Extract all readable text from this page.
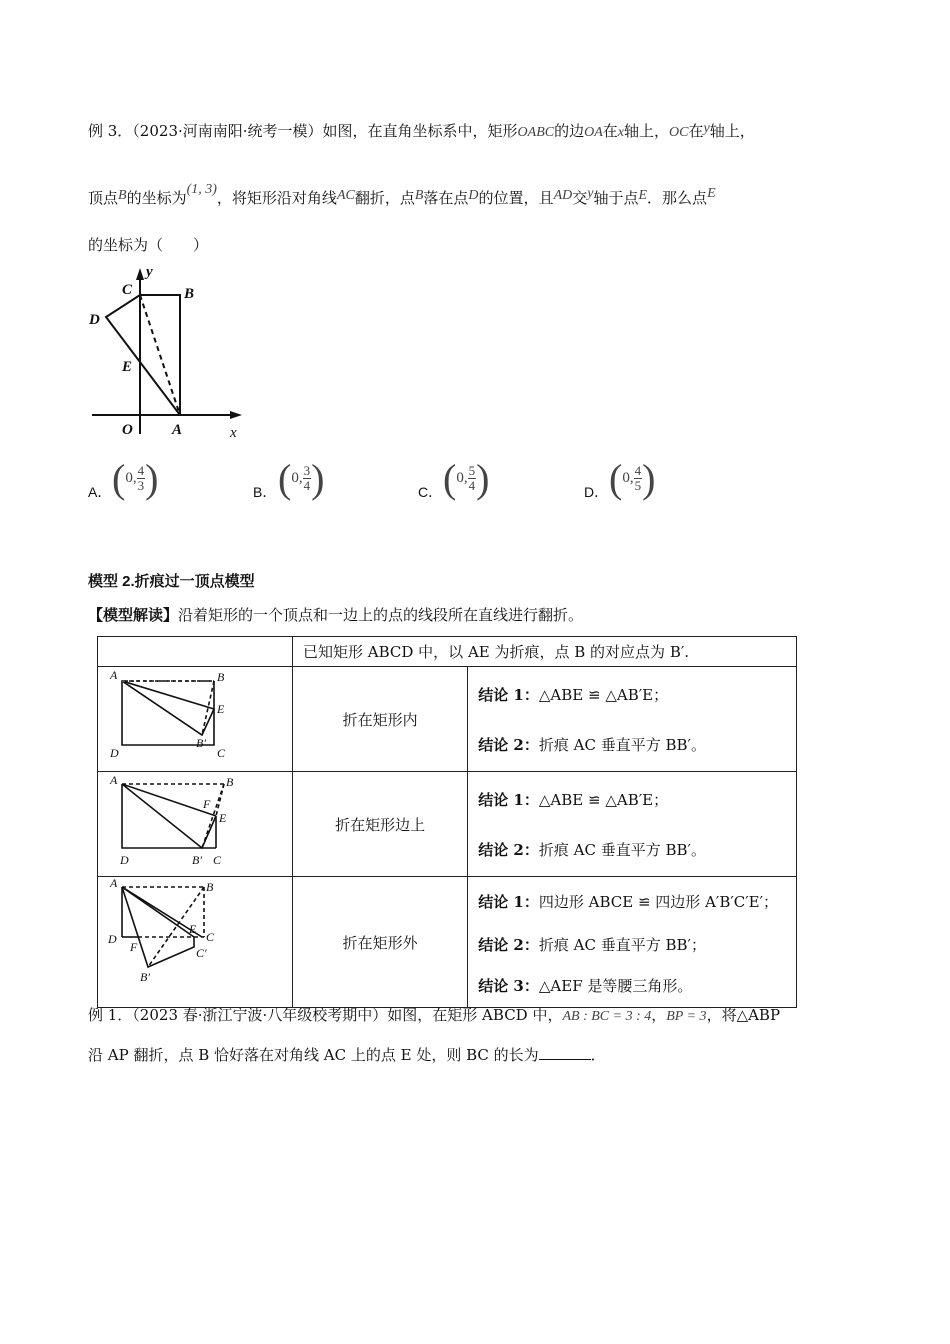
例 3．（2023·河南南阳·统考一模）如图，在直角坐标系中，矩形OABC的边OA在x轴上，OC在y轴上，
顶点B的坐标为(1, 3)，将矩形沿对角线AC翻折，点B落在点D的位置，且AD交y轴于点E．那么点E
的坐标为（　　）
y
C	B
D
E
O	A	x
A． (0, $\frac{4}{3}$ )	B． (0, $\frac{3}{4}$ )	C． (0, $\frac{5}{4}$ )	D． (0, $\frac{4}{5}$ )
模型 2.折痕过一顶点模型
【模型解读】沿着矩形的一个顶点和一边上的点的线段所在直线进行翻折。
	已知矩形 ABCD 中，以 AE 为折痕，点 B 的对应点为 B′.

A	B
E
B′
D	C
	折在矩形内	
结论 1：△ABE ≌ △AB′E；
结论 2：折痕 AC 垂直平方 BB′。

A	B
F
E
D	B′ C
	折在矩形边上	
结论 1：△ABE ≌ △AB′E；
结论 2：折痕 AC 垂直平方 BB′。

A	B
E
C
D
F	C′
B′
	折在矩形外	
结论 1：四边形 ABCE ≌ 四边形 A′B′C′E′；
结论 2：折痕 AC 垂直平方 BB′；
结论 3：△AEF 是等腰三角形。
例 1．（2023 春·浙江宁波·八年级校考期中）如图，在矩形 ABCD 中，AB : BC = 3 : 4，BP = 3，将△ABP
沿 AP 翻折，点 B 恰好落在对角线 AC 上的点 E 处，则 BC 的长为	．
